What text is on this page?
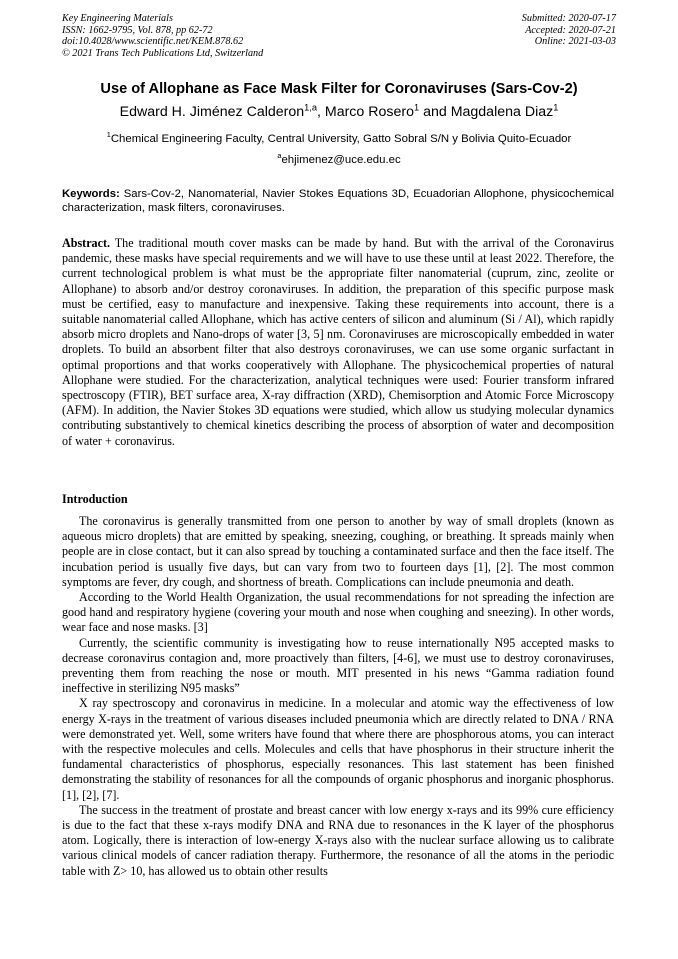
Key Engineering Materials
ISSN: 1662-9795, Vol. 878, pp 62-72
doi:10.4028/www.scientific.net/KEM.878.62
© 2021 Trans Tech Publications Ltd, Switzerland
Submitted: 2020-07-17
Accepted: 2020-07-21
Online: 2021-03-03
Use of Allophane as Face Mask Filter for Coronaviruses (Sars-Cov-2)
Edward H. Jiménez Calderon$^{1,a}$, Marco Rosero$^1$ and Magdalena Diaz$^1$
$^1$Chemical Engineering Faculty, Central University, Gatto Sobral S/N y Bolivia Quito-Ecuador
$^a$ehjimenez@uce.edu.ec
Keywords: Sars-Cov-2, Nanomaterial, Navier Stokes Equations 3D, Ecuadorian Allophone, physicochemical characterization, mask filters, coronaviruses.
Abstract. The traditional mouth cover masks can be made by hand. But with the arrival of the Coronavirus pandemic, these masks have special requirements and we will have to use these until at least 2022. Therefore, the current technological problem is what must be the appropriate filter nanomaterial (cuprum, zinc, zeolite or Allophane) to absorb and/or destroy coronaviruses. In addition, the preparation of this specific purpose mask must be certified, easy to manufacture and inexpensive. Taking these requirements into account, there is a suitable nanomaterial called Allophane, which has active centers of silicon and aluminum (Si / Al), which rapidly absorb micro droplets and Nano-drops of water [3, 5] nm. Coronaviruses are microscopically embedded in water droplets. To build an absorbent filter that also destroys coronaviruses, we can use some organic surfactant in optimal proportions and that works cooperatively with Allophane. The physicochemical properties of natural Allophane were studied. For the characterization, analytical techniques were used: Fourier transform infrared spectroscopy (FTIR), BET surface area, X-ray diffraction (XRD), Chemisorption and Atomic Force Microscopy (AFM). In addition, the Navier Stokes 3D equations were studied, which allow us studying molecular dynamics contributing substantively to chemical kinetics describing the process of absorption of water and decomposition of water + coronavirus.
Introduction

The coronavirus is generally transmitted from one person to another by way of small droplets (known as aqueous micro droplets) that are emitted by speaking, sneezing, coughing, or breathing. It spreads mainly when people are in close contact, but it can also spread by touching a contaminated surface and then the face itself. The incubation period is usually five days, but can vary from two to fourteen days [1], [2]. The most common symptoms are fever, dry cough, and shortness of breath. Complications can include pneumonia and death.

According to the World Health Organization, the usual recommendations for not spreading the infection are good hand and respiratory hygiene (covering your mouth and nose when coughing and sneezing). In other words, wear face and nose masks. [3]

Currently, the scientific community is investigating how to reuse internationally N95 accepted masks to decrease coronavirus contagion and, more proactively than filters, [4-6], we must use to destroy coronaviruses, preventing them from reaching the nose or mouth. MIT presented in his news “Gamma radiation found ineffective in sterilizing N95 masks”

X ray spectroscopy and coronavirus in medicine. In a molecular and atomic way the effectiveness of low energy X-rays in the treatment of various diseases included pneumonia which are directly related to DNA / RNA were demonstrated yet. Well, some writers have found that where there are phosphorous atoms, you can interact with the respective molecules and cells. Molecules and cells that have phosphorus in their structure inherit the fundamental characteristics of phosphorus, especially resonances. This last statement has been finished demonstrating the stability of resonances for all the compounds of organic phosphorus and inorganic phosphorus. [1], [2], [7].

The success in the treatment of prostate and breast cancer with low energy x-rays and its 99% cure efficiency is due to the fact that these x-rays modify DNA and RNA due to resonances in the K layer of the phosphorus atom. Logically, there is interaction of low-energy X-rays also with the nuclear surface allowing us to calibrate various clinical models of cancer radiation therapy. Furthermore, the resonance of all the atoms in the periodic table with Z> 10, has allowed us to obtain other results
